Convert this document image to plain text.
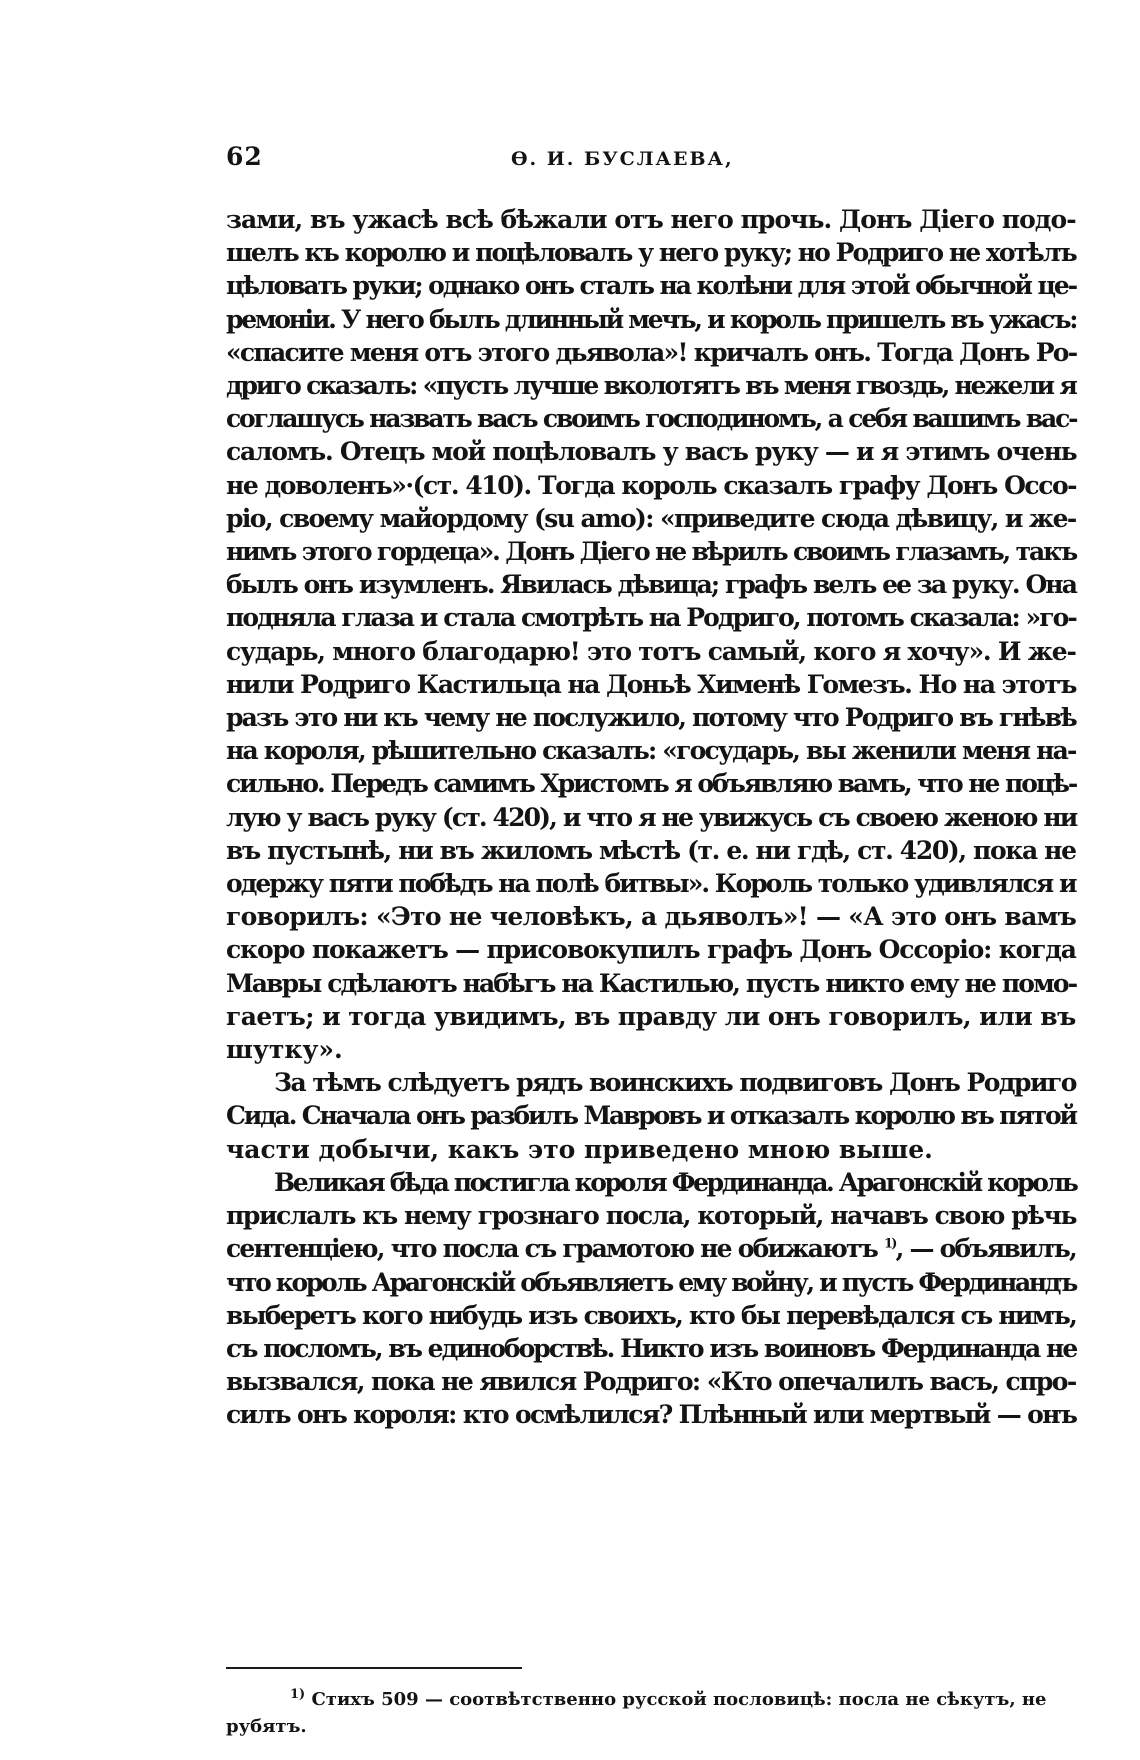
62	Ѳ. И. БУСЛАЕВА,

зами, въ ужасѣ всѣ бѣжали отъ него прочь. Донъ Діего подо-
шелъ къ королю и поцѣловалъ у него руку; но Родриго не хотѣлъ
цѣловать руки; однако онъ сталъ на колѣни для этой обычной це-
ремоніи. У него былъ длинный мечъ, и король пришелъ въ ужасъ:
«спасите меня отъ этого дьявола»! кричалъ онъ. Тогда Донъ Ро-
дриго сказалъ: «пусть лучше вколотятъ въ меня гвоздь, нежели я
соглашусь назвать васъ своимъ господиномъ, а себя вашимъ вас-
саломъ. Отецъ мой поцѣловалъ у васъ руку — и я этимъ очень
не доволенъ»·(ст. 410). Тогда король сказалъ графу Донъ Оссо-
ріо, своему майордому (su amo): «приведите сюда дѣвицу, и же-
нимъ этого гордеца». Донъ Діего не вѣрилъ своимъ глазамъ, такъ
былъ онъ изумленъ. Явилась дѣвица; графъ велъ ее за руку. Она
подняла глаза и стала смотрѣть на Родриго, потомъ сказала: »го-
сударь, много благодарю! это тотъ самый, кого я хочу». И же-
нили Родриго Кастильца на Доньѣ Хименѣ Гомезъ. Но на этотъ
разъ это ни къ чему не послужило, потому что Родриго въ гнѣвѣ
на короля, рѣшительно сказалъ: «государь, вы женили меня на-
сильно. Передъ самимъ Христомъ я объявляю вамъ, что не поцѣ-
лую у васъ руку (ст. 420), и что я не увижусь съ своею женою ни
въ пустынѣ, ни въ жиломъ мѣстѣ (т. е. ни гдѣ, ст. 420), пока не
одержу пяти побѣдъ на полѣ битвы». Король только удивлялся и
говорилъ: «Это не человѣкъ, а дьяволъ»! — «А это онъ вамъ
скоро покажетъ — присовокупилъ графъ Донъ Оссоріо: когда
Мавры сдѣлаютъ набѣгъ на Кастилью, пусть никто ему не помо-
гаетъ; и тогда увидимъ, въ правду ли онъ говорилъ, или въ
шутку».

За тѣмъ слѣдуетъ рядъ воинскихъ подвиговъ Донъ Родриго
Сида. Сначала онъ разбилъ Мавровъ и отказалъ королю въ пятой
части добычи, какъ это приведено мною выше.

Великая бѣда постигла короля Фердинанда. Арагонскій король
прислалъ къ нему грознаго посла, который, начавъ свою рѣчь
сентенціею, что посла съ грамотою не обижаютъ $^{1)}$, — объявилъ,
что король Арагонскій объявляетъ ему войну, и пусть Фердинандъ
выберетъ кого нибудь изъ своихъ, кто бы перевѣдался съ нимъ,
съ посломъ, въ единоборствѣ. Никто изъ воиновъ Фердинанда не
вызвался, пока не явился Родриго: «Кто опечалилъ васъ, спро-
силъ онъ короля: кто осмѣлился? Плѣнный или мертвый — онъ

$^{1)}$ Стихъ 509 — соотвѣтственно русской пословицѣ: посла не сѣкутъ, не
рубятъ.
